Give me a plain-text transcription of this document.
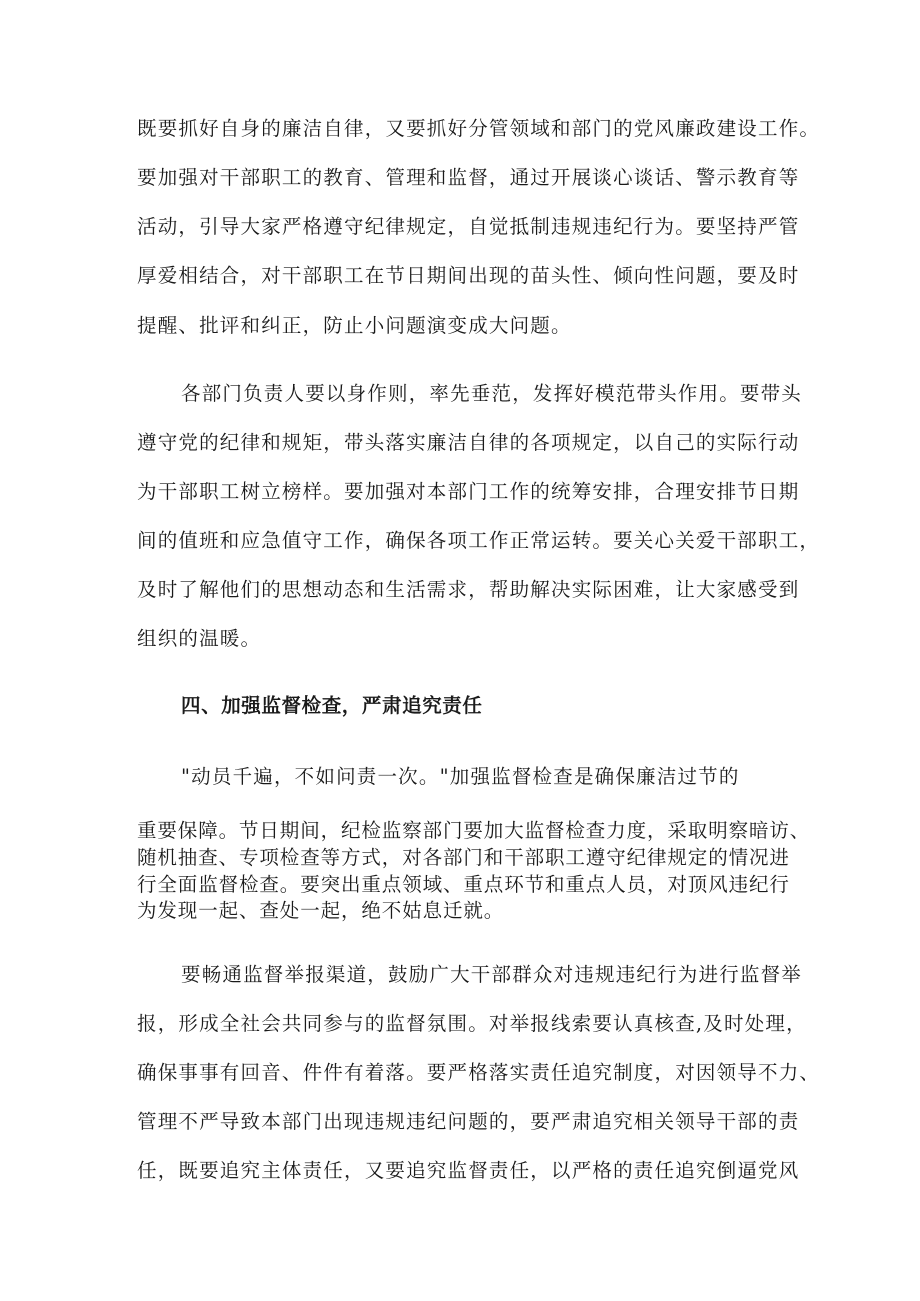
既要抓好自身的廉洁自律，又要抓好分管领域和部门的党风廉政建设工作。
要加强对干部职工的教育、管理和监督，通过开展谈心谈话、警示教育等
活动，引导大家严格遵守纪律规定，自觉抵制违规违纪行为。要坚持严管
厚爱相结合，对干部职工在节日期间出现的苗头性、倾向性问题，要及时
提醒、批评和纠正，防止小问题演变成大问题。
各部门负责人要以身作则，率先垂范，发挥好模范带头作用。要带头
遵守党的纪律和规矩，带头落实廉洁自律的各项规定，以自己的实际行动
为干部职工树立榜样。要加强对本部门工作的统筹安排，合理安排节日期
间的值班和应急值守工作，确保各项工作正常运转。要关心关爱干部职工，
及时了解他们的思想动态和生活需求，帮助解决实际困难，让大家感受到
组织的温暖。
四、加强监督检查，严肃追究责任
"动员千遍，不如问责一次。"加强监督检查是确保廉洁过节的
重要保障。节日期间，纪检监察部门要加大监督检查力度，采取明察暗访、
随机抽查、专项检查等方式，对各部门和干部职工遵守纪律规定的情况进
行全面监督检查。要突出重点领域、重点环节和重点人员，对顶风违纪行
为发现一起、查处一起，绝不姑息迁就。
要畅通监督举报渠道，鼓励广大干部群众对违规违纪行为进行监督举
报，形成全社会共同参与的监督氛围。对举报线索要认真核查,及时处理，
确保事事有回音、件件有着落。要严格落实责任追究制度，对因领导不力、
管理不严导致本部门出现违规违纪问题的，要严肃追究相关领导干部的责
任，既要追究主体责任，又要追究监督责任，以严格的责任追究倒逼党风
